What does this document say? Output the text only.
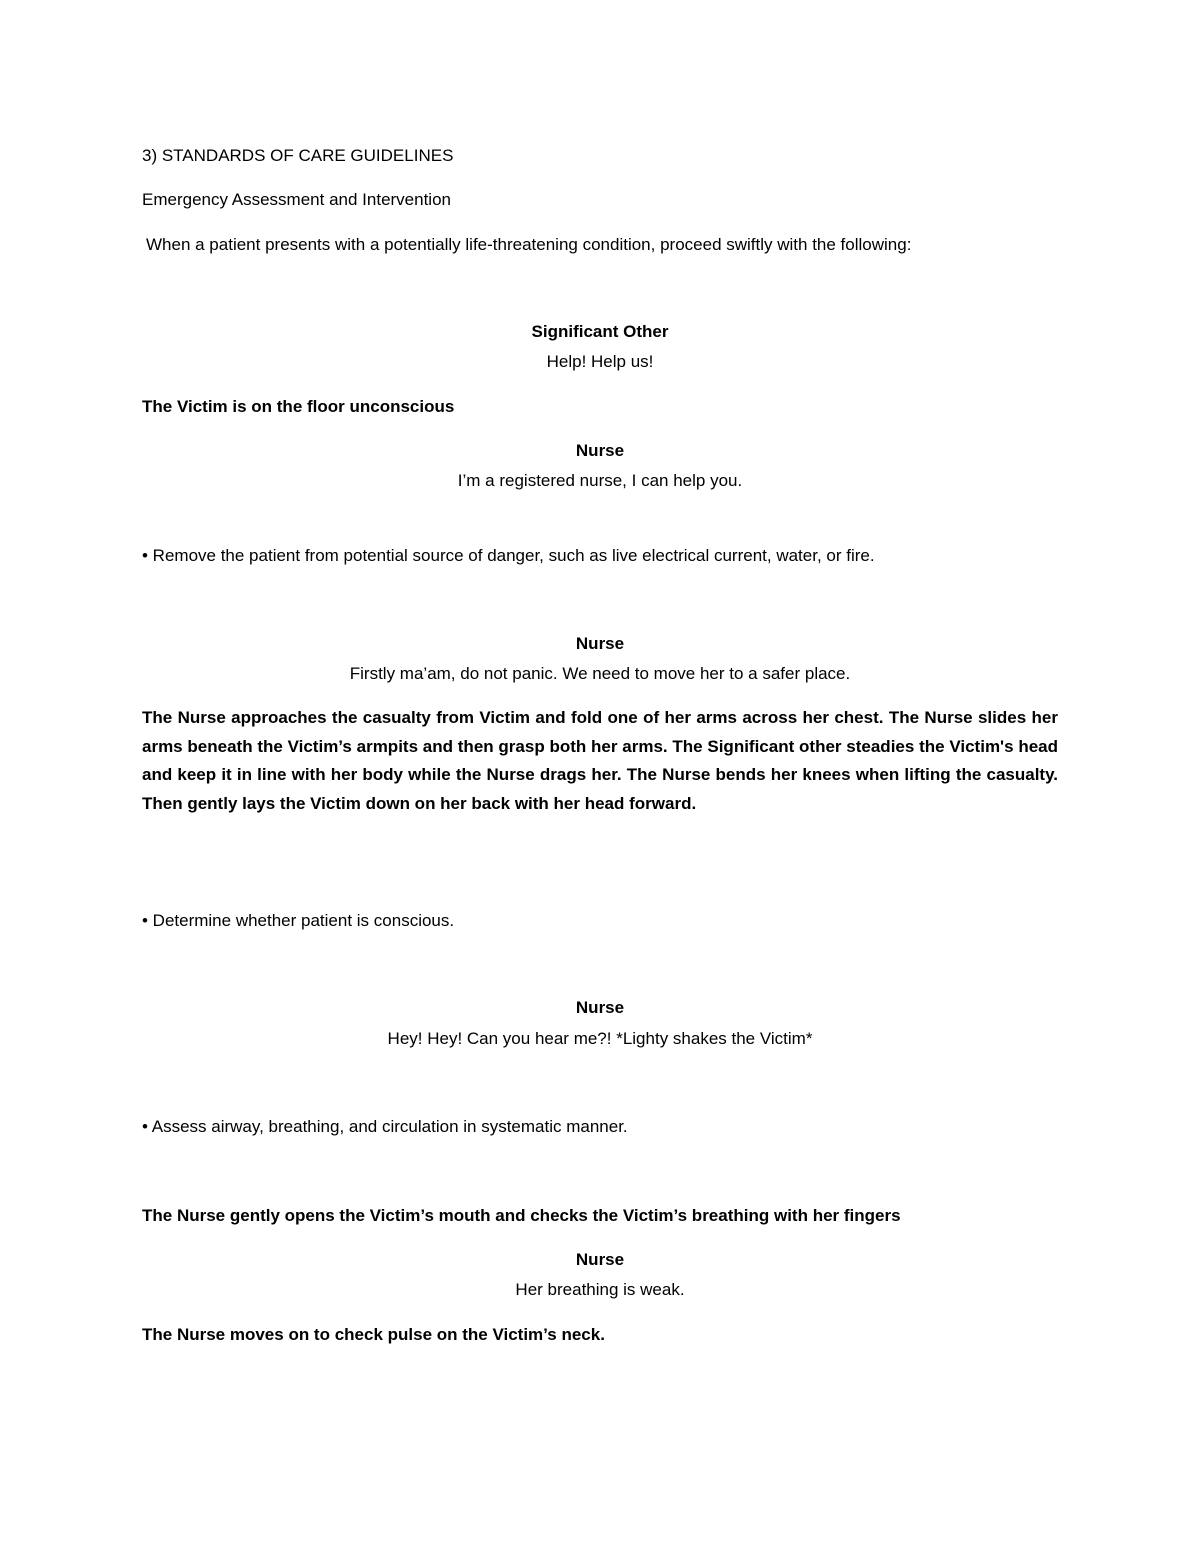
3) STANDARDS OF CARE GUIDELINES

Emergency Assessment and Intervention

When a patient presents with a potentially life-threatening condition, proceed swiftly with the following:

Significant Other

Help! Help us!

The Victim is on the floor unconscious

Nurse

I’m a registered nurse, I can help you.

• Remove the patient from potential source of danger, such as live electrical current, water, or fire.

Nurse

Firstly ma’am, do not panic. We need to move her to a safer place.

The Nurse approaches the casualty from Victim and fold one of her arms across her chest. The Nurse slides her arms beneath the Victim’s armpits and then grasp both her arms. The Significant other steadies the Victim's head and keep it in line with her body while the Nurse drags her. The Nurse bends her knees when lifting the casualty. Then gently lays the Victim down on her back with her head forward.

• Determine whether patient is conscious.

Nurse

Hey! Hey! Can you hear me?! *Lighty shakes the Victim*

• Assess airway, breathing, and circulation in systematic manner.

The Nurse gently opens the Victim’s mouth and checks the Victim’s breathing with her fingers

Nurse

Her breathing is weak.

The Nurse moves on to check pulse on the Victim’s neck.
